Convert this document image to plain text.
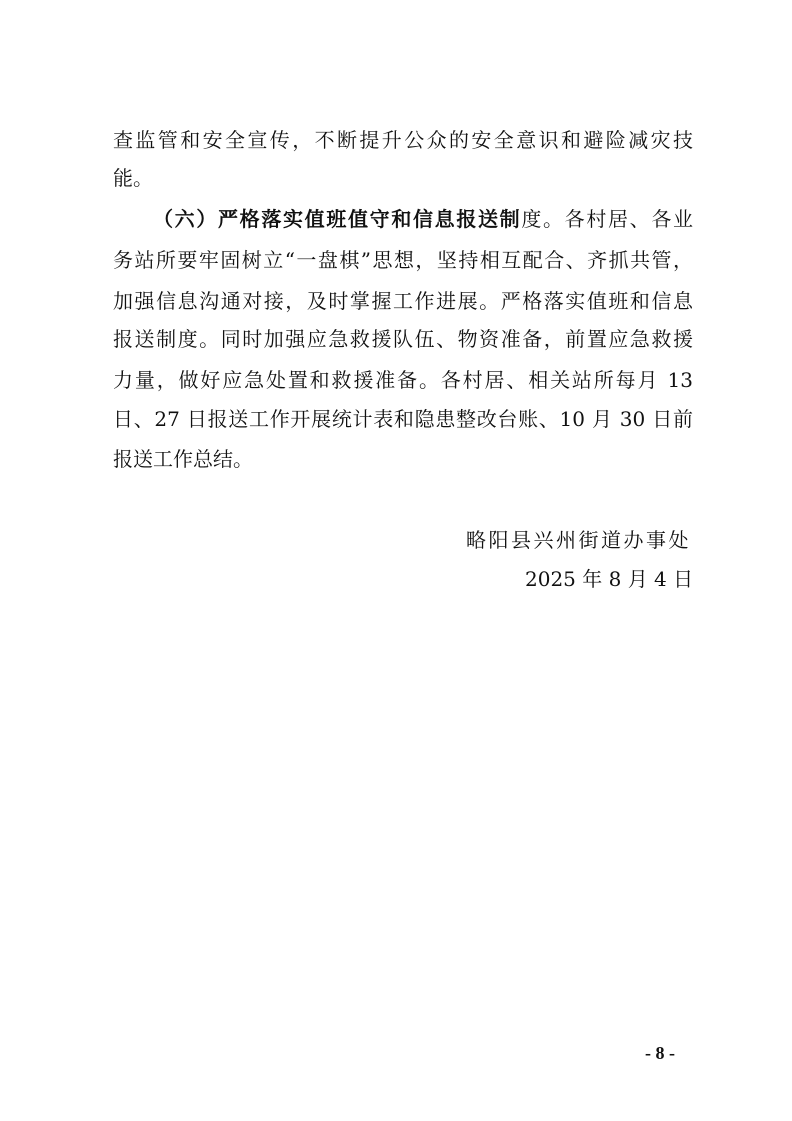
查监管和安全宣传，不断提升公众的安全意识和避险减灾技
能。
（六）严格落实值班值守和信息报送制度。各村居、各业
务站所要牢固树立“一盘棋”思想，坚持相互配合、齐抓共管，
加强信息沟通对接，及时掌握工作进展。严格落实值班和信息
报送制度。同时加强应急救援队伍、物资准备，前置应急救援
力量，做好应急处置和救援准备。各村居、相关站所每月 13
日、27 日报送工作开展统计表和隐患整改台账、10 月 30 日前
报送工作总结。
略阳县兴州街道办事处
2025 年 8 月 4 日
- 8 -
